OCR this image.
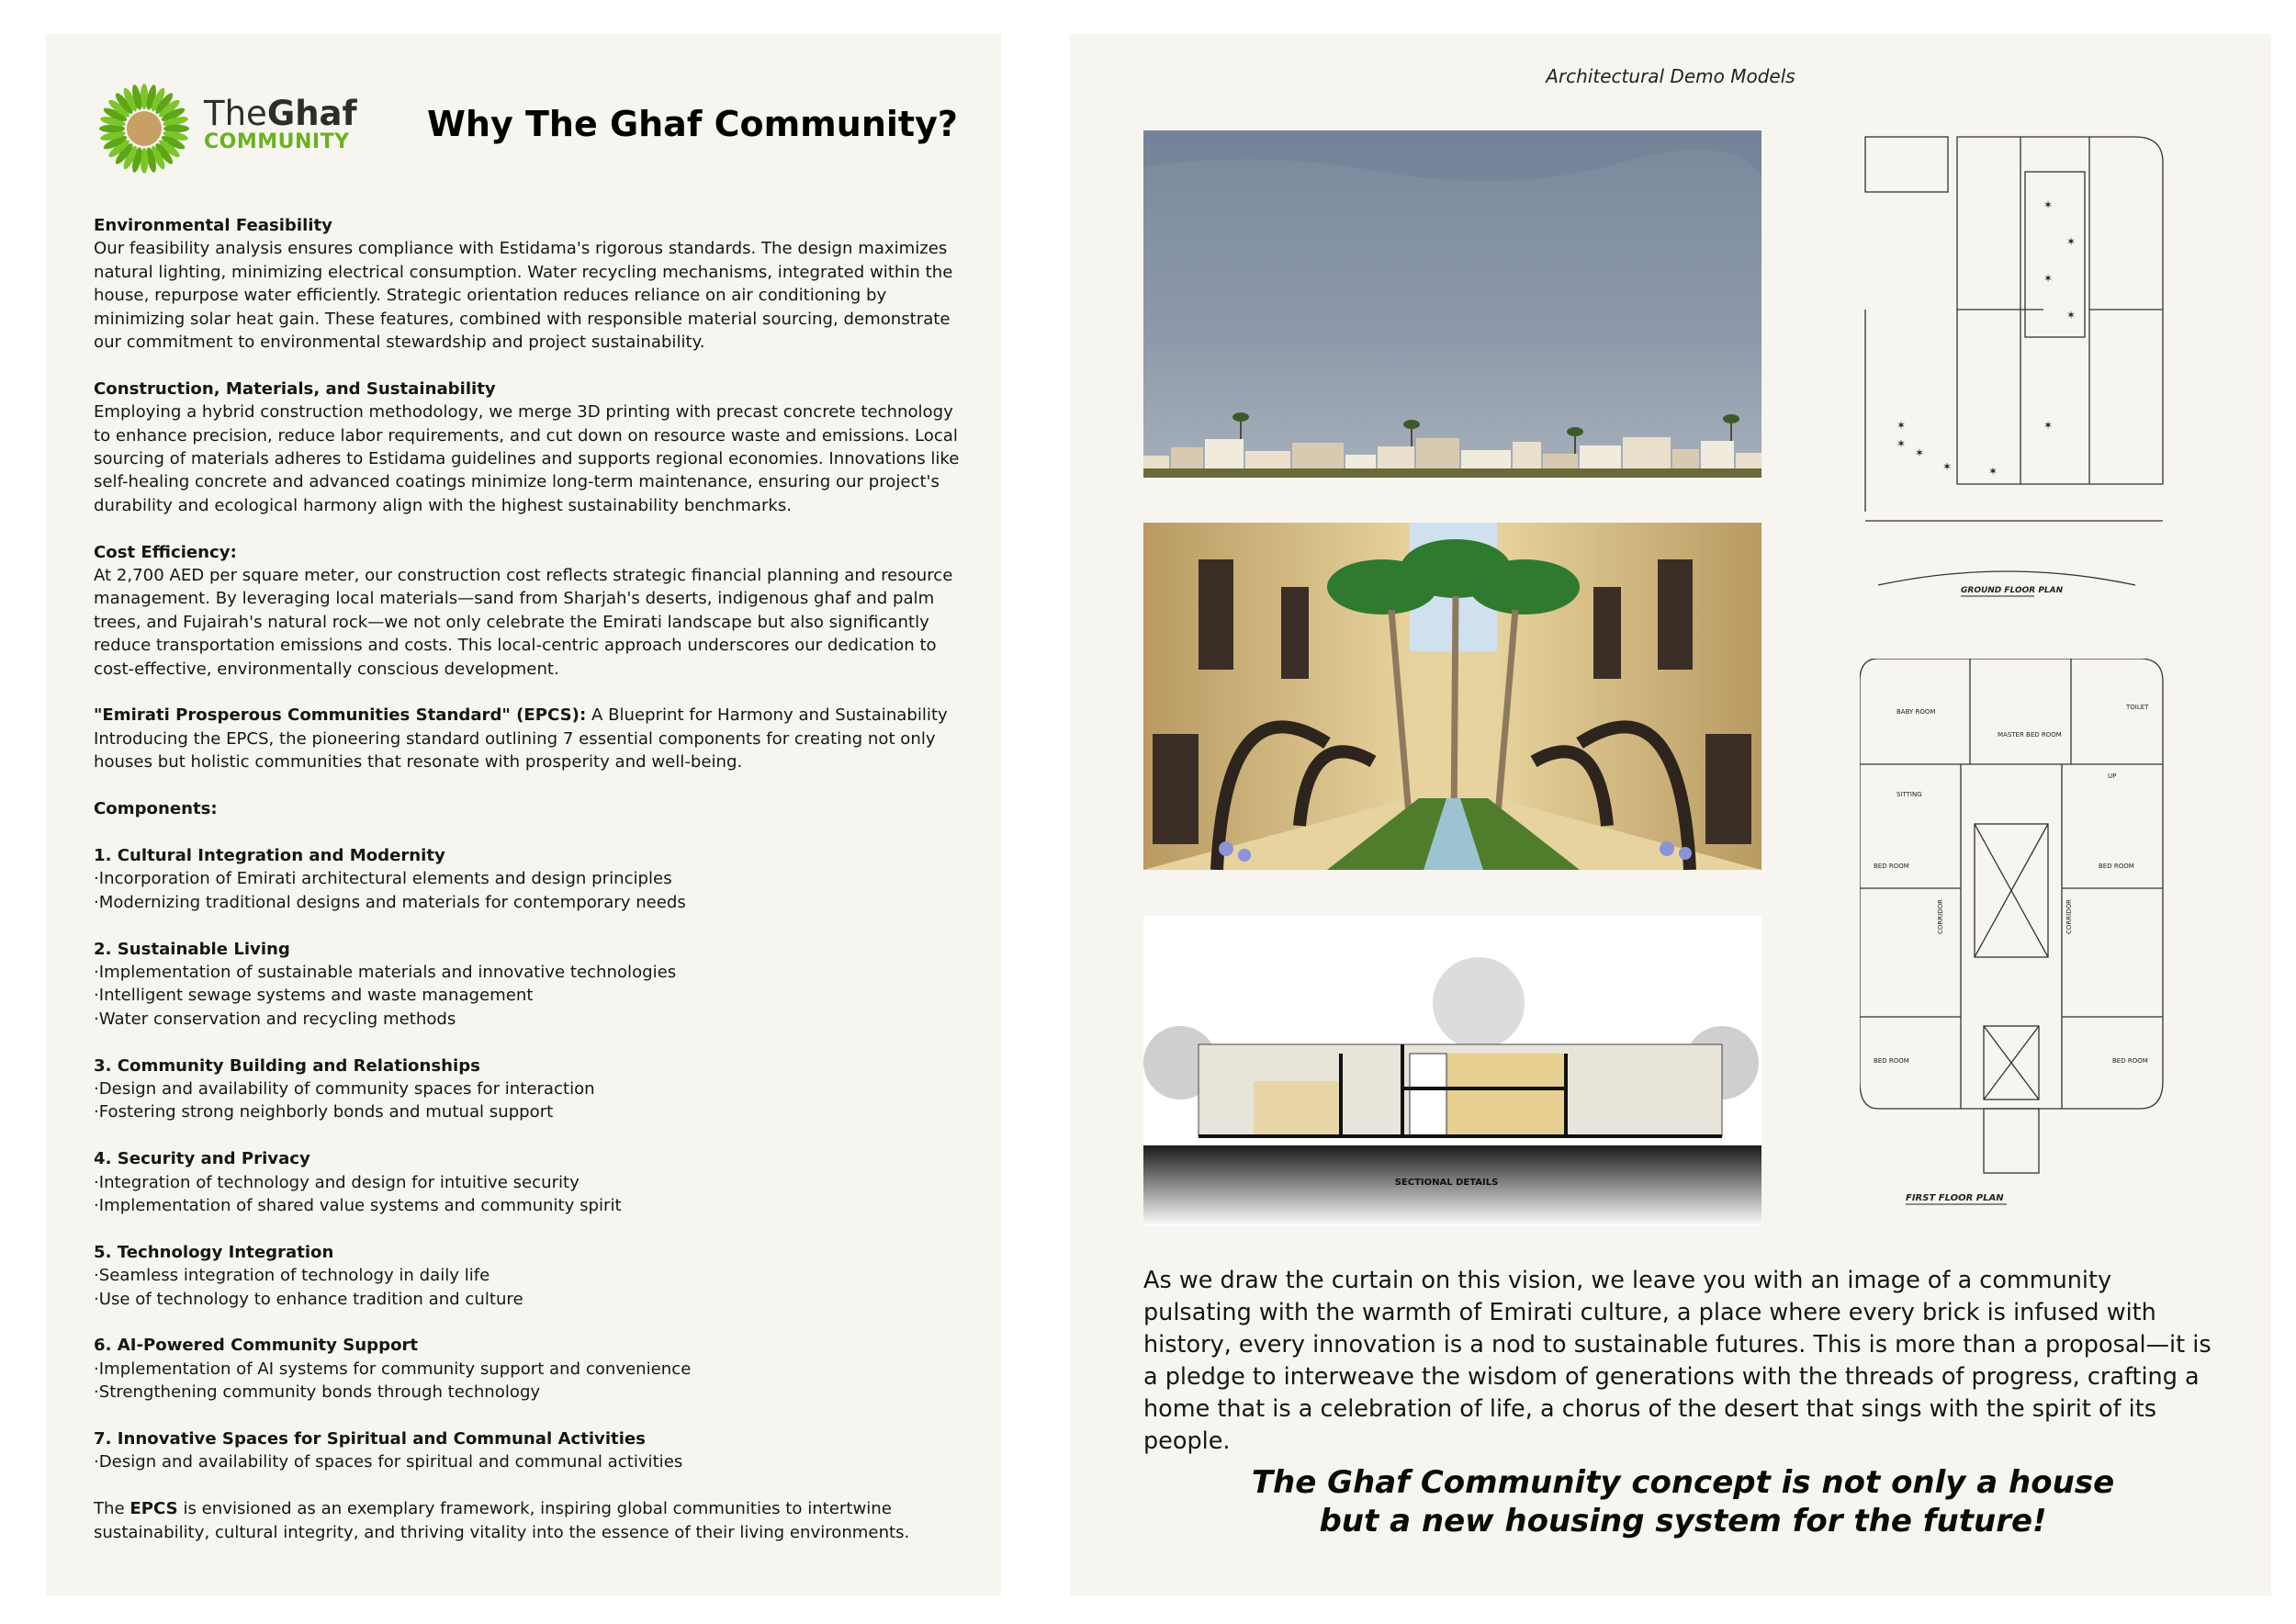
TheGhaf
COMMUNITY Why The Ghaf Community?

Environmental Feasibility
Our feasibility analysis ensures compliance with Estidama's rigorous standards. The design maximizes natural lighting, minimizing electrical consumption. Water recycling mechanisms, integrated within the house, repurpose water efficiently. Strategic orientation reduces reliance on air conditioning by minimizing solar heat gain. These features, combined with responsible material sourcing, demonstrate our commitment to environmental stewardship and project sustainability.

Construction, Materials, and Sustainability
Employing a hybrid construction methodology, we merge 3D printing with precast concrete technology to enhance precision, reduce labor requirements, and cut down on resource waste and emissions. Local sourcing of materials adheres to Estidama guidelines and supports regional economies. Innovations like self-healing concrete and advanced coatings minimize long-term maintenance, ensuring our project's durability and ecological harmony align with the highest sustainability benchmarks.

Cost Efficiency:
At 2,700 AED per square meter, our construction cost reflects strategic financial planning and resource management. By leveraging local materials—sand from Sharjah's deserts, indigenous ghaf and palm trees, and Fujairah's natural rock—we not only celebrate the Emirati landscape but also significantly reduce transportation emissions and costs. This local-centric approach underscores our dedication to cost-effective, environmentally conscious development.

"Emirati Prosperous Communities Standard" (EPCS): A Blueprint for Harmony and Sustainability
Introducing the EPCS, the pioneering standard outlining 7 essential components for creating not only houses but holistic communities that resonate with prosperity and well-being.

Components:

1. Cultural Integration and Modernity
·Incorporation of Emirati architectural elements and design principles
·Modernizing traditional designs and materials for contemporary needs

2. Sustainable Living
·Implementation of sustainable materials and innovative technologies
·Intelligent sewage systems and waste management
·Water conservation and recycling methods

3. Community Building and Relationships
·Design and availability of community spaces for interaction
·Fostering strong neighborly bonds and mutual support

4. Security and Privacy
·Integration of technology and design for intuitive security
·Implementation of shared value systems and community spirit

5. Technology Integration
·Seamless integration of technology in daily life
·Use of technology to enhance tradition and culture

6. AI-Powered Community Support
·Implementation of AI systems for community support and convenience
·Strengthening community bonds through technology

7. Innovative Spaces for Spiritual and Communal Activities
·Design and availability of spaces for spiritual and communal activities

The EPCS is envisioned as an exemplary framework, inspiring global communities to intertwine sustainability, cultural integrity, and thriving vitality into the essence of their living environments.

Architectural Demo Models
SECTIONAL DETAILS
✶
✶
✶	✶
✶
✶
✶
✶
✶
✶
GROUND FLOOR PLAN
BABY ROOM
MASTER BED ROOM
BED ROOM	BED ROOM
BED ROOM	BED ROOM
SITTING
TOILET
UP
CORRIDOR	CORRIDOR
FIRST FLOOR PLAN

As we draw the curtain on this vision, we leave you with an image of a community pulsating with the warmth of Emirati culture, a place where every brick is infused with history, every innovation is a nod to sustainable futures. This is more than a proposal—it is a pledge to interweave the wisdom of generations with the threads of progress, crafting a home that is a celebration of life, a chorus of the desert that sings with the spirit of its people.

The Ghaf Community concept is not only a house
but a new housing system for the future!
